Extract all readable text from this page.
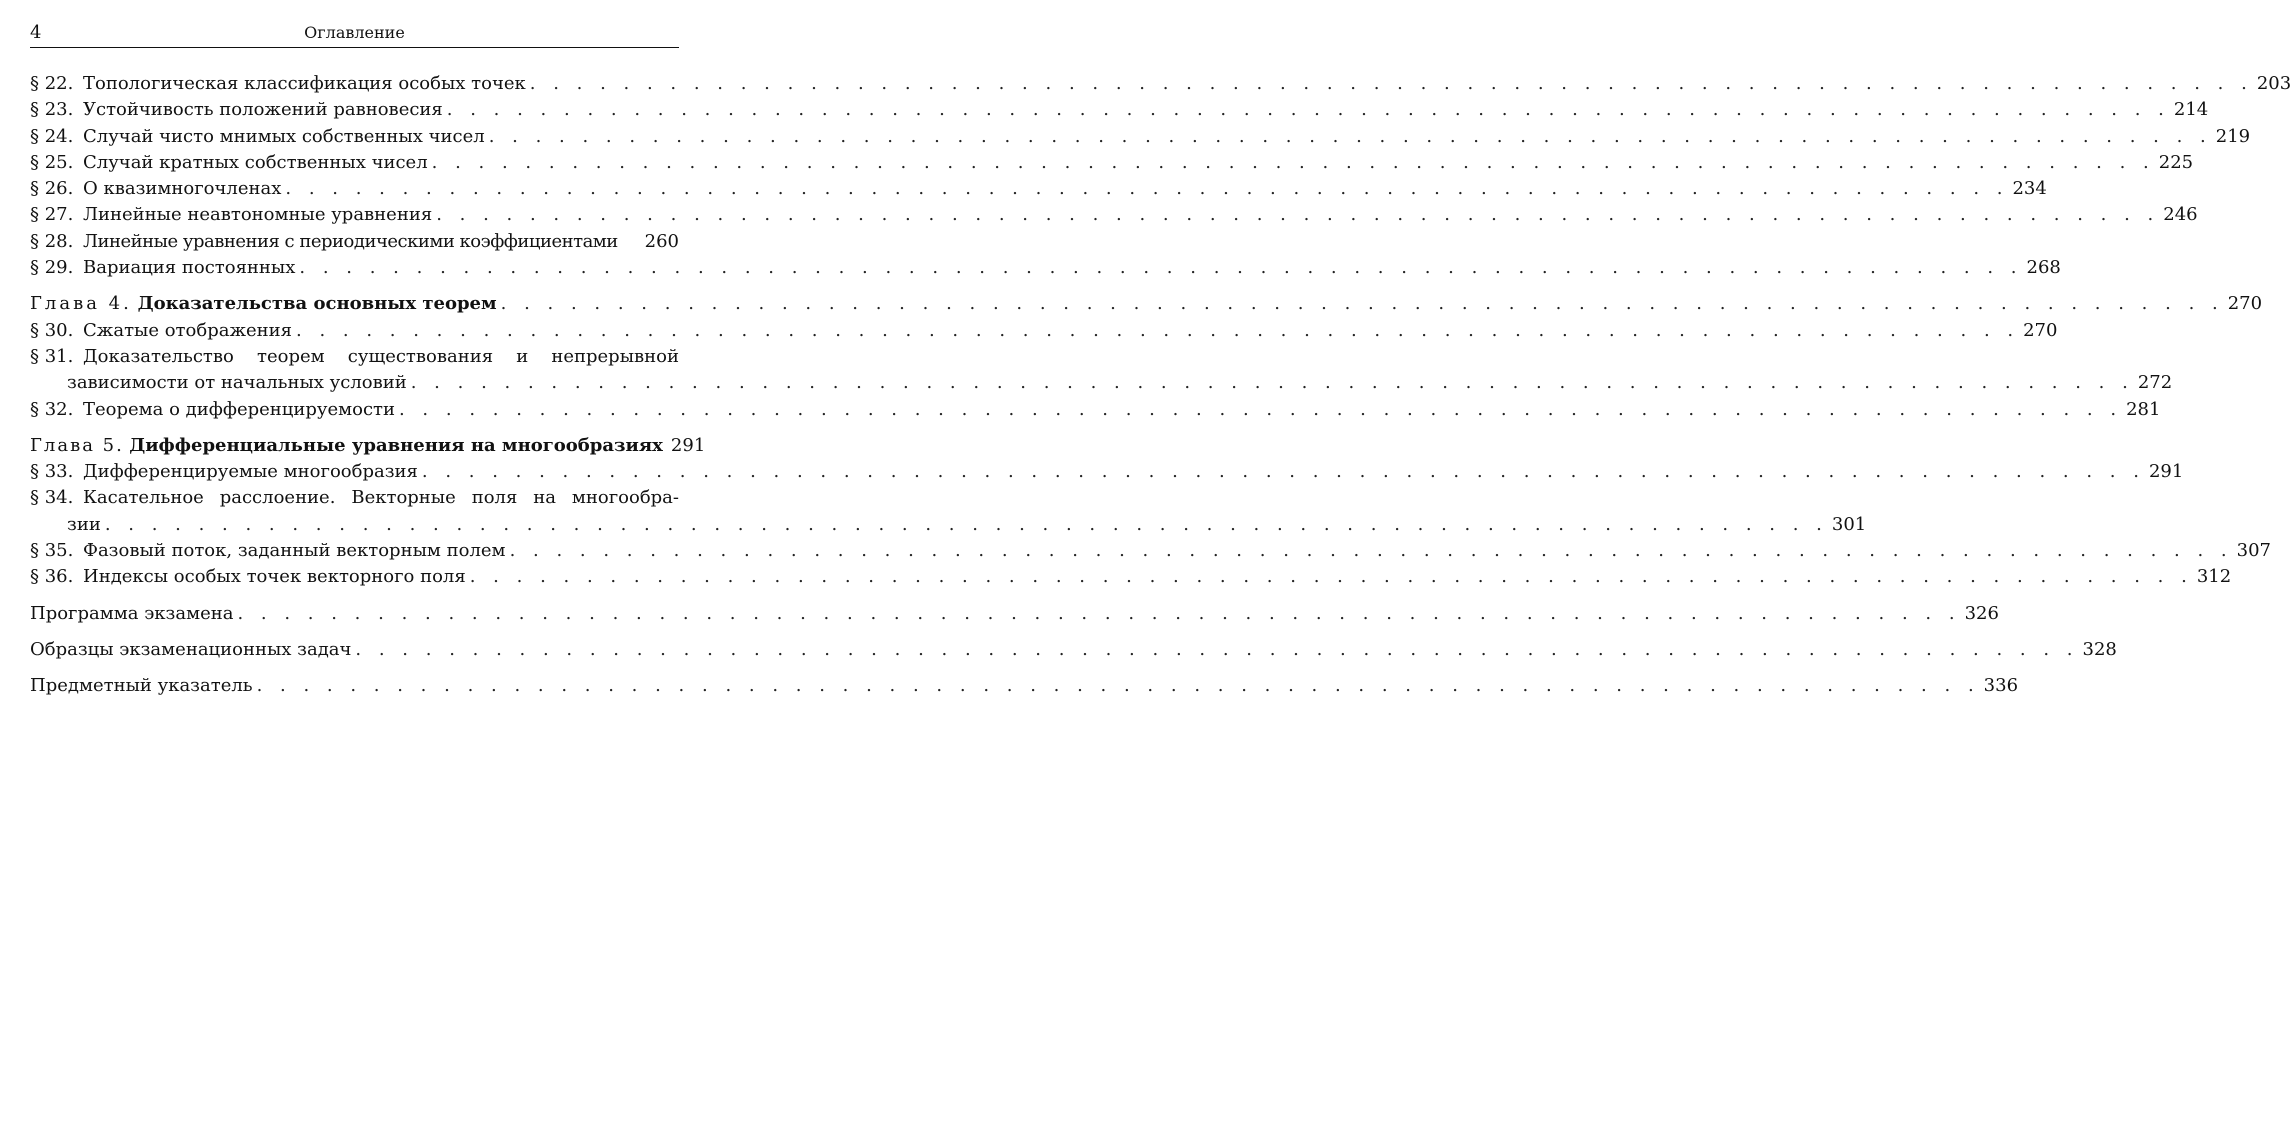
4	Оглавление
§ 22. Топологическая классификация особых точек . . . . . . . . . . . . . . . . . . . . . . . . . . . . . . . . . . . . . . . . . . . . . . . . . . . . . . . . . . . . . . . . . . . . . . . . . . 203
§ 23. Устойчивость положений равновесия . . . . . . . . . . . . . . . . . . . . . . . . . . . . . . . . . . . . . . . . . . . . . . . . . . . . . . . . . . . . . . . . . . . . . . . . . . 214
§ 24. Случай чисто мнимых собственных чисел . . . . . . . . . . . . . . . . . . . . . . . . . . . . . . . . . . . . . . . . . . . . . . . . . . . . . . . . . . . . . . . . . . . . . . . . . . 219
§ 25. Случай кратных собственных чисел . . . . . . . . . . . . . . . . . . . . . . . . . . . . . . . . . . . . . . . . . . . . . . . . . . . . . . . . . . . . . . . . . . . . . . . . . . 225
§ 26. О квазимногочленах . . . . . . . . . . . . . . . . . . . . . . . . . . . . . . . . . . . . . . . . . . . . . . . . . . . . . . . . . . . . . . . . . . . . . . . . . . 234
§ 27. Линейные неавтономные уравнения . . . . . . . . . . . . . . . . . . . . . . . . . . . . . . . . . . . . . . . . . . . . . . . . . . . . . . . . . . . . . . . . . . . . . . . . . . 246
§ 28. Линейные уравнения с периодическими коэффициентами 260
§ 29. Вариация постоянных . . . . . . . . . . . . . . . . . . . . . . . . . . . . . . . . . . . . . . . . . . . . . . . . . . . . . . . . . . . . . . . . . . . . . . . . . . 268
Глава 4. Доказательства основных теорем . . . . . . . . . . . . . . . . . . . . . . . . . . . . . . . . . . . . . . . . . . . . . . . . . . . . . . . . . . . . . . . . . . . . . . . . . . 270
§ 30. Сжатые отображения . . . . . . . . . . . . . . . . . . . . . . . . . . . . . . . . . . . . . . . . . . . . . . . . . . . . . . . . . . . . . . . . . . . . . . . . . . 270
§ 31. Доказательство теорем существования и непрерывной
зависимости от начальных условий . . . . . . . . . . . . . . . . . . . . . . . . . . . . . . . . . . . . . . . . . . . . . . . . . . . . . . . . . . . . . . . . . . . . . . . . . . 272
§ 32. Теорема о дифференцируемости . . . . . . . . . . . . . . . . . . . . . . . . . . . . . . . . . . . . . . . . . . . . . . . . . . . . . . . . . . . . . . . . . . . . . . . . . . 281
Глава 5. Дифференциальные уравнения на многообразиях 291
§ 33. Дифференцируемые многообразия . . . . . . . . . . . . . . . . . . . . . . . . . . . . . . . . . . . . . . . . . . . . . . . . . . . . . . . . . . . . . . . . . . . . . . . . . . 291
§ 34. Касательное расслоение. Векторные поля на многообра-
зии . . . . . . . . . . . . . . . . . . . . . . . . . . . . . . . . . . . . . . . . . . . . . . . . . . . . . . . . . . . . . . . . . . . . . . . . . . 301
§ 35. Фазовый поток, заданный векторным полем . . . . . . . . . . . . . . . . . . . . . . . . . . . . . . . . . . . . . . . . . . . . . . . . . . . . . . . . . . . . . . . . . . . . . . . . . . 307
§ 36. Индексы особых точек векторного поля . . . . . . . . . . . . . . . . . . . . . . . . . . . . . . . . . . . . . . . . . . . . . . . . . . . . . . . . . . . . . . . . . . . . . . . . . . 312
Программа экзамена . . . . . . . . . . . . . . . . . . . . . . . . . . . . . . . . . . . . . . . . . . . . . . . . . . . . . . . . . . . . . . . . . . . . . . . . . . 326
Образцы экзаменационных задач . . . . . . . . . . . . . . . . . . . . . . . . . . . . . . . . . . . . . . . . . . . . . . . . . . . . . . . . . . . . . . . . . . . . . . . . . . 328
Предметный указатель . . . . . . . . . . . . . . . . . . . . . . . . . . . . . . . . . . . . . . . . . . . . . . . . . . . . . . . . . . . . . . . . . . . . . . . . . . 336
